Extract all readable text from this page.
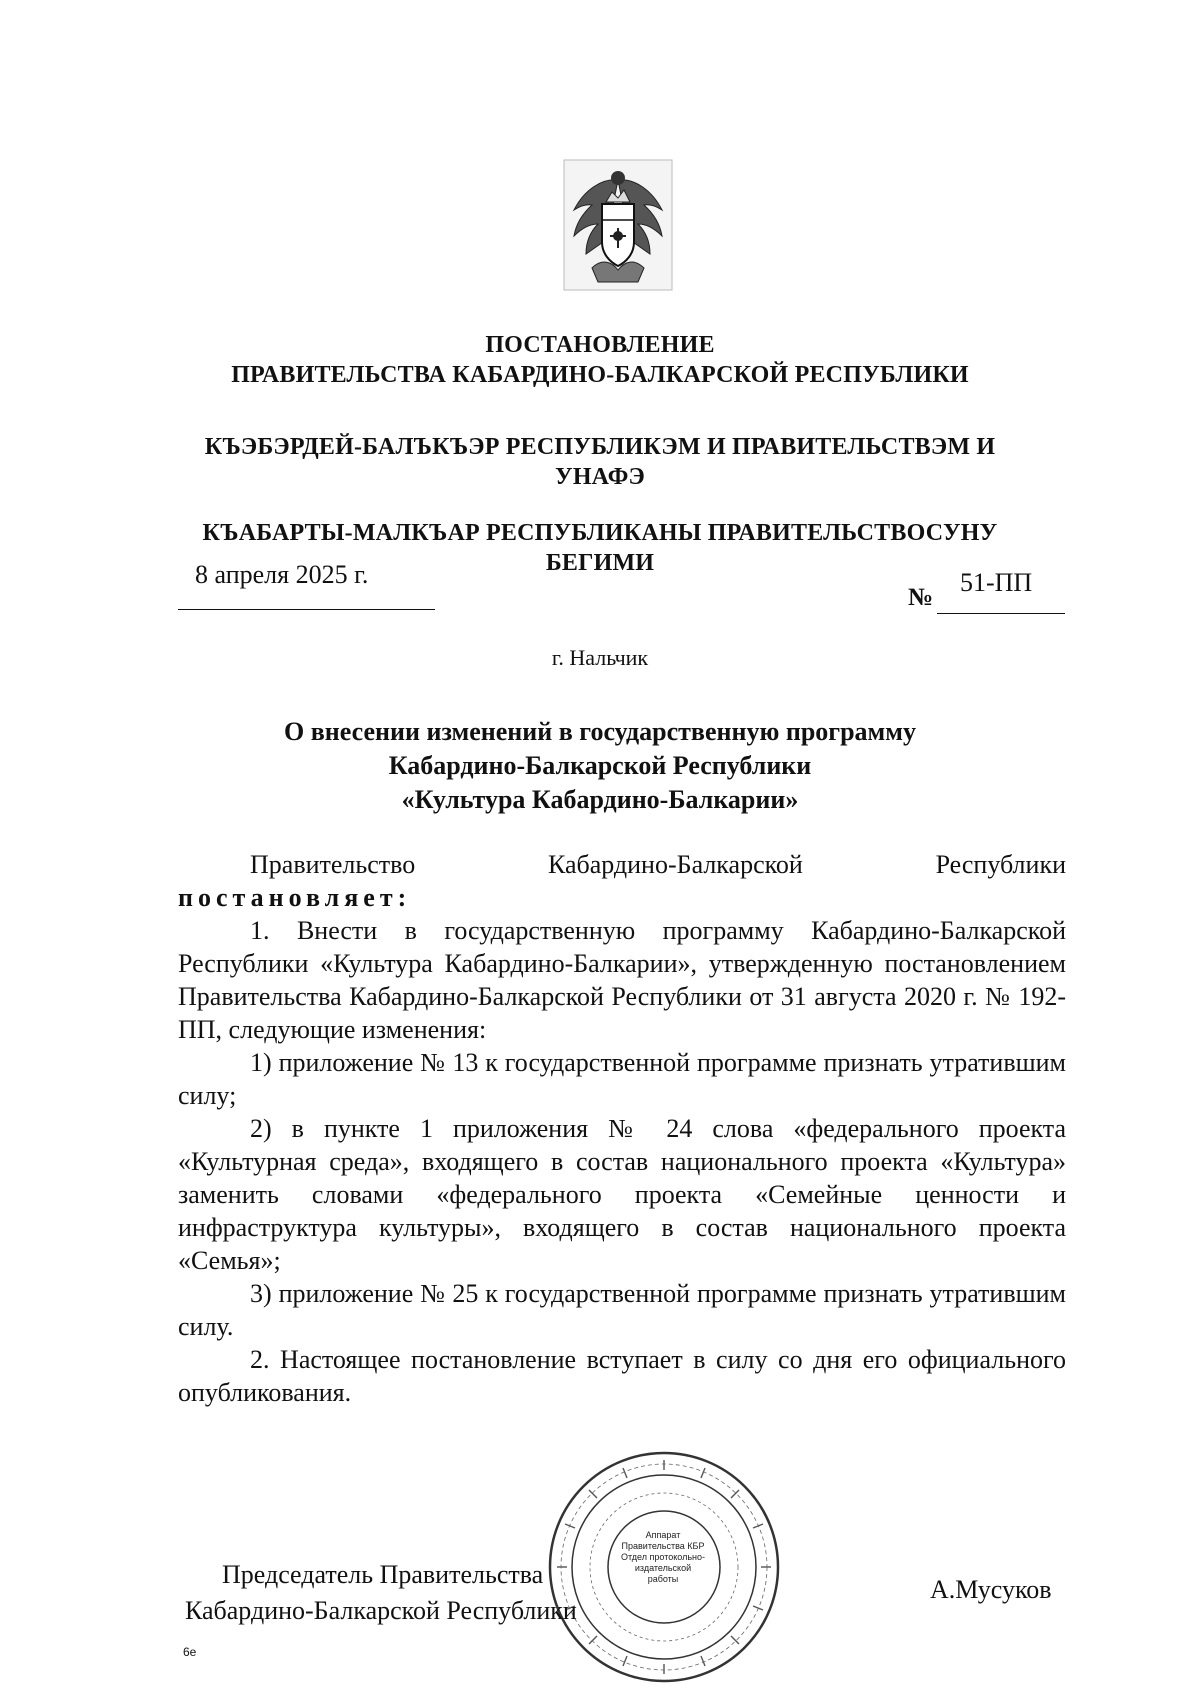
ПОСТАНОВЛЕНИЕ
ПРАВИТЕЛЬСТВА КАБАРДИНО-БАЛКАРСКОЙ РЕСПУБЛИКИ
КЪЭБЭРДЕЙ-БАЛЪКЪЭР РЕСПУБЛИКЭМ И ПРАВИТЕЛЬСТВЭМ И
УНАФЭ
КЪАБАРТЫ-МАЛКЪАР РЕСПУБЛИКАНЫ ПРАВИТЕЛЬСТВОСУНУ
БЕГИМИ
8 апреля 2025 г.
№
51-ПП
г. Нальчик
О внесении изменений в государственную программу
Кабардино-Балкарской Республики
«Культура Кабардино-Балкарии»
Правительство	Кабардино-Балкарской	Республики
постановляет:

1. Внести в государственную программу Кабардино-Балкарской Республики «Культура Кабардино-Балкарии», утвержденную постановлением Правительства Кабардино-Балкарской Республики от 31 августа 2020 г. № 192-ПП, следующие изменения:

1) приложение № 13 к государственной программе признать утратившим силу;

2) в пункте 1 приложения № 24 слова «федерального проекта «Культурная среда», входящего в состав национального проекта «Культура» заменить словами «федерального проекта «Семейные ценности и инфраструктура культуры», входящего в состав национального проекта «Семья»;

3) приложение № 25 к государственной программе признать утратившим силу.

2. Настоящее постановление вступает в силу со дня его официального опубликования.

Аппарат
Правительства КБР
Отдел протокольно-
издательской
работы
Председатель Правительства
Кабардино-Балкарской Республики
А.Мусуков
6е
